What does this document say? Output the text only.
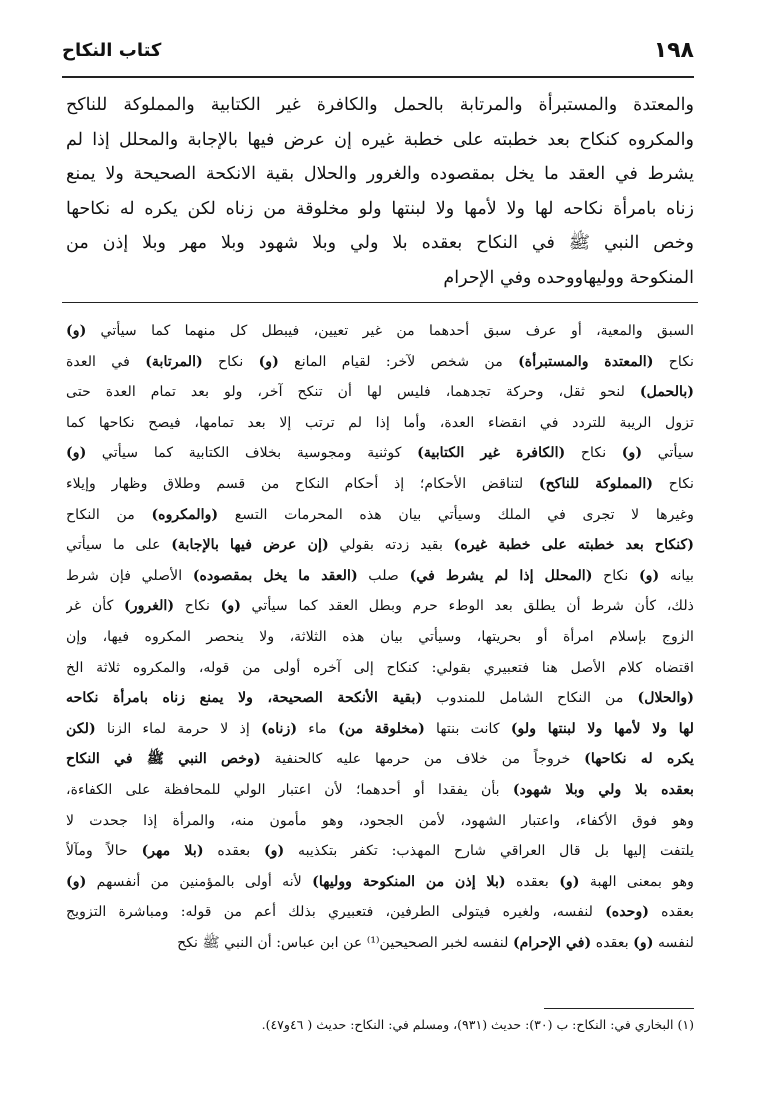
١٩٨
كتاب النكاح
والمعتدة والمستبرأة والمرتابة بالحمل والكافرة غير الكتابية والمملوكة للناكح
والمكروه كنكاح بعد خطبته على خطبة غيره إن عرض فيها بالإجابة والمحلل إذا لم
يشرط في العقد ما يخل بمقصوده والغرور والحلال بقية الانكحة الصحيحة ولا يمنع
زناه بامرأة نكاحه لها ولا لأمها ولا لبنتها ولو مخلوقة من زناه لكن يكره له نكاحها
وخص النبي ﷺ في النكاح بعقده بلا ولي وبلا شهود وبلا مهر وبلا إذن من
المنكوحة ووليهاووحده وفي الإحرام
السبق والمعية، أو عرف سبق أحدهما من غير تعيين، فيبطل كل منهما كما سيأتي (و)
نكاح (المعتدة والمستبرأة) من شخص لآخر: لقيام المانع (و) نكاح (المرتابة) في العدة
(بالحمل) لنحو ثقل، وحركة تجدهما، فليس لها أن تنكح آخر، ولو بعد تمام العدة حتى
تزول الريبة للتردد في انقضاء العدة، وأما إذا لم ترتب إلا بعد تمامها، فيصح نكاحها كما
سيأتي (و) نكاح (الكافرة غير الكتابية) كوثنية ومجوسية بخلاف الكتابية كما سيأتي (و)
نكاح (المملوكة للناكح) لتناقض الأحكام؛ إذ أحكام النكاح من قسم وطلاق وظهار وإيلاء
وغيرها لا تجرى في الملك وسيأتي بيان هذه المحرمات التسع (والمكروه) من النكاح
(كنكاح بعد خطبته على خطبة غيره) بقيد زدته بقولي (إن عرض فيها بالإجابة) على ما سيأتي
بيانه (و) نكاح (المحلل إذا لم يشرط في) صلب (العقد ما يخل بمقصوده) الأصلي فإن شرط
ذلك، كأن شرط أن يطلق بعد الوطء حرم وبطل العقد كما سيأتي (و) نكاح (الغرور) كأن غر
الزوج بإسلام امرأة أو بحريتها، وسيأتي بيان هذه الثلاثة، ولا ينحصر المكروه فيها، وإن
اقتضاه كلام الأصل هنا فتعبيري بقولي: كنكاح إلى آخره أولى من قوله، والمكروه ثلاثة الخ
(والحلال) من النكاح الشامل للمندوب (بقية الأنكحة الصحيحة، ولا يمنع زناه بامرأة نكاحه
لها ولا لأمها ولا لبنتها ولو) كانت بنتها (مخلوقة من) ماء (زناه) إذ لا حرمة لماء الزنا (لكن
يكره له نكاحها) خروجاً من خلاف من حرمها عليه كالحنفية (وخص النبي ﷺ في النكاح
بعقده بلا ولي وبلا شهود) بأن يفقدا أو أحدهما؛ لأن اعتبار الولي للمحافظة على الكفاءة،
وهو فوق الأكفاء، واعتبار الشهود، لأمن الجحود، وهو مأمون منه، والمرأة إذا جحدت لا
يلتفت إليها بل قال العراقي شارح المهذب: تكفر بتكذيبه (و) بعقده (بلا مهر) حالاً ومآلاً
وهو بمعنى الهبة (و) بعقده (بلا إذن من المنكوحة ووليها) لأنه أولى بالمؤمنين من أنفسهم (و)
بعقده (وحده) لنفسه، ولغيره فيتولى الطرفين، فتعبيري بذلك أعم من قوله: ومباشرة التزويج
لنفسه (و) بعقده (في الإحرام) لنفسه لخبر الصحيحين⁽¹⁾ عن ابن عباس: أن النبي ﷺ نكح
(١) البخاري في: النكاح: ب (٣٠): حديث (٩٣١)، ومسلم في: النكاح: حديث ( ٤٦و٤٧).
